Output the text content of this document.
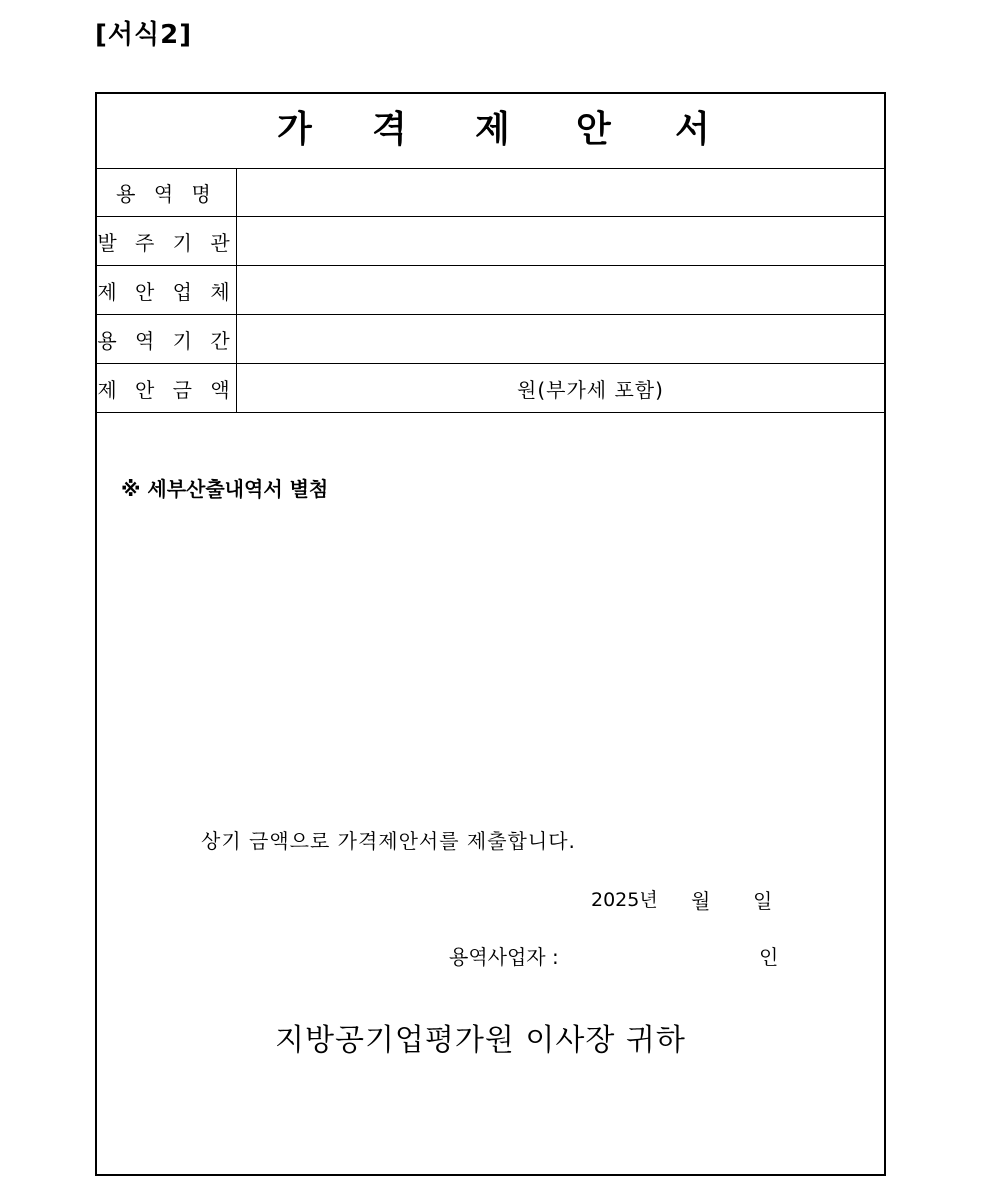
[서식2]
가 격 제 안 서
용 역 명	
발 주 기 관	
제 안 업 체	
용 역 기 간	
제 안 금 액	원(부가세 포함)
※ 세부산출내역서 별첨
상기 금액으로 가격제안서를 제출합니다.
2025년 월 일
용역사업자 :	인
지방공기업평가원 이사장 귀하
